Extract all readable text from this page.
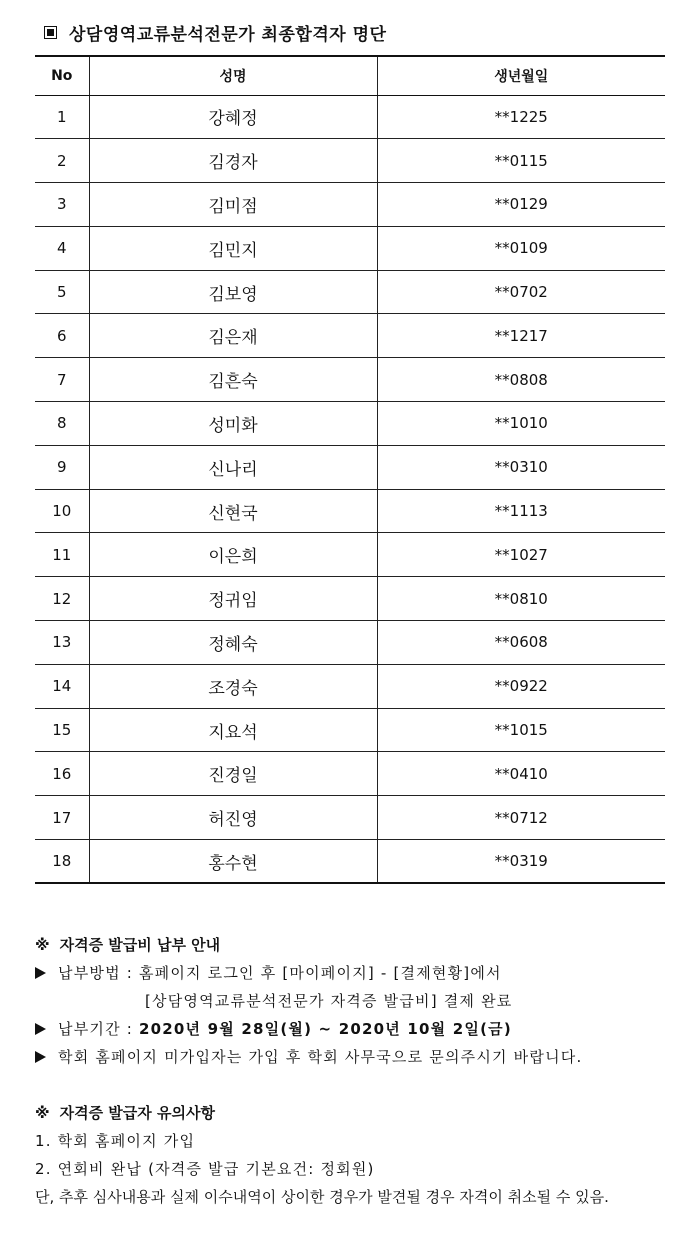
상담영역교류분석전문가 최종합격자 명단
No	성명	생년월일
1	강혜정	**1225
2	김경자	**0115
3	김미점	**0129
4	김민지	**0109
5	김보영	**0702
6	김은재	**1217
7	김흔숙	**0808
8	성미화	**1010
9	신나리	**0310
10	신현국	**1113
11	이은희	**1027
12	정귀임	**0810
13	정혜숙	**0608
14	조경숙	**0922
15	지요석	**1015
16	진경일	**0410
17	허진영	**0712
18	홍수현	**0319
※ 자격증 발급비 납부 안내
납부방법 : 홈페이지 로그인 후 [마이페이지] - [결제현황]에서
[상담영역교류분석전문가 자격증 발급비] 결제 완료
납부기간 : 2020년 9월 28일(월) ~ 2020년 10월 2일(금)
학회 홈페이지 미가입자는 가입 후 학회 사무국으로 문의주시기 바랍니다.
※ 자격증 발급자 유의사항
1. 학회 홈페이지 가입
2. 연회비 완납 (자격증 발급 기본요건: 정회원)
단, 추후 심사내용과 실제 이수내역이 상이한 경우가 발견될 경우 자격이 취소될 수 있음.
